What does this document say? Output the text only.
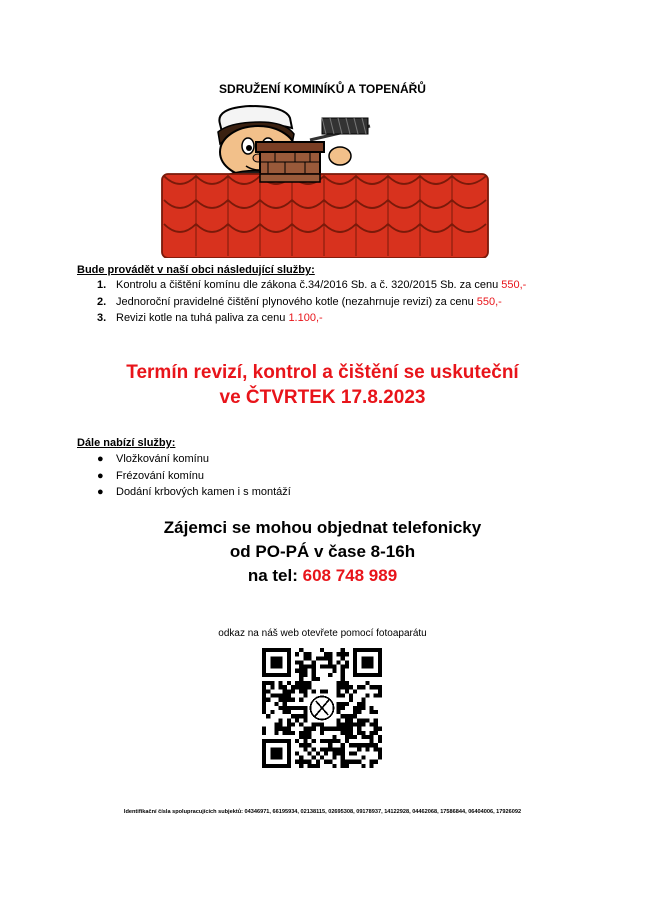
SDRUŽENÍ KOMINÍKŮ A TOPENÁŘŮ
Bude provádět v naší obci následující služby:
1. Kontrolu a čištění komínu dle zákona č.34/2016 Sb. a č. 320/2015 Sb. za cenu 550,-
2. Jednoroční pravidelné čištění plynového kotle (nezahrnuje revizi) za cenu 550,-
3. Revizi kotle na tuhá paliva za cenu 1.100,-
Termín revizí, kontrol a čištění se uskuteční
ve ČTVRTEK 17.8.2023
Dále nabízí služby:
● Vložkování komínu
● Frézování komínu
● Dodání krbových kamen i s montáží
Zájemci se mohou objednat telefonicky
od PO-PÁ v čase 8-16h
na tel: 608 748 989
odkaz na náš web otevřete pomocí fotoaparátu
Identifikační čísla spolupracujících subjektů: 04346971, 66195934, 02138115, 02695308, 09178937, 14122928, 04462068, 17586844, 06404006, 17926092
